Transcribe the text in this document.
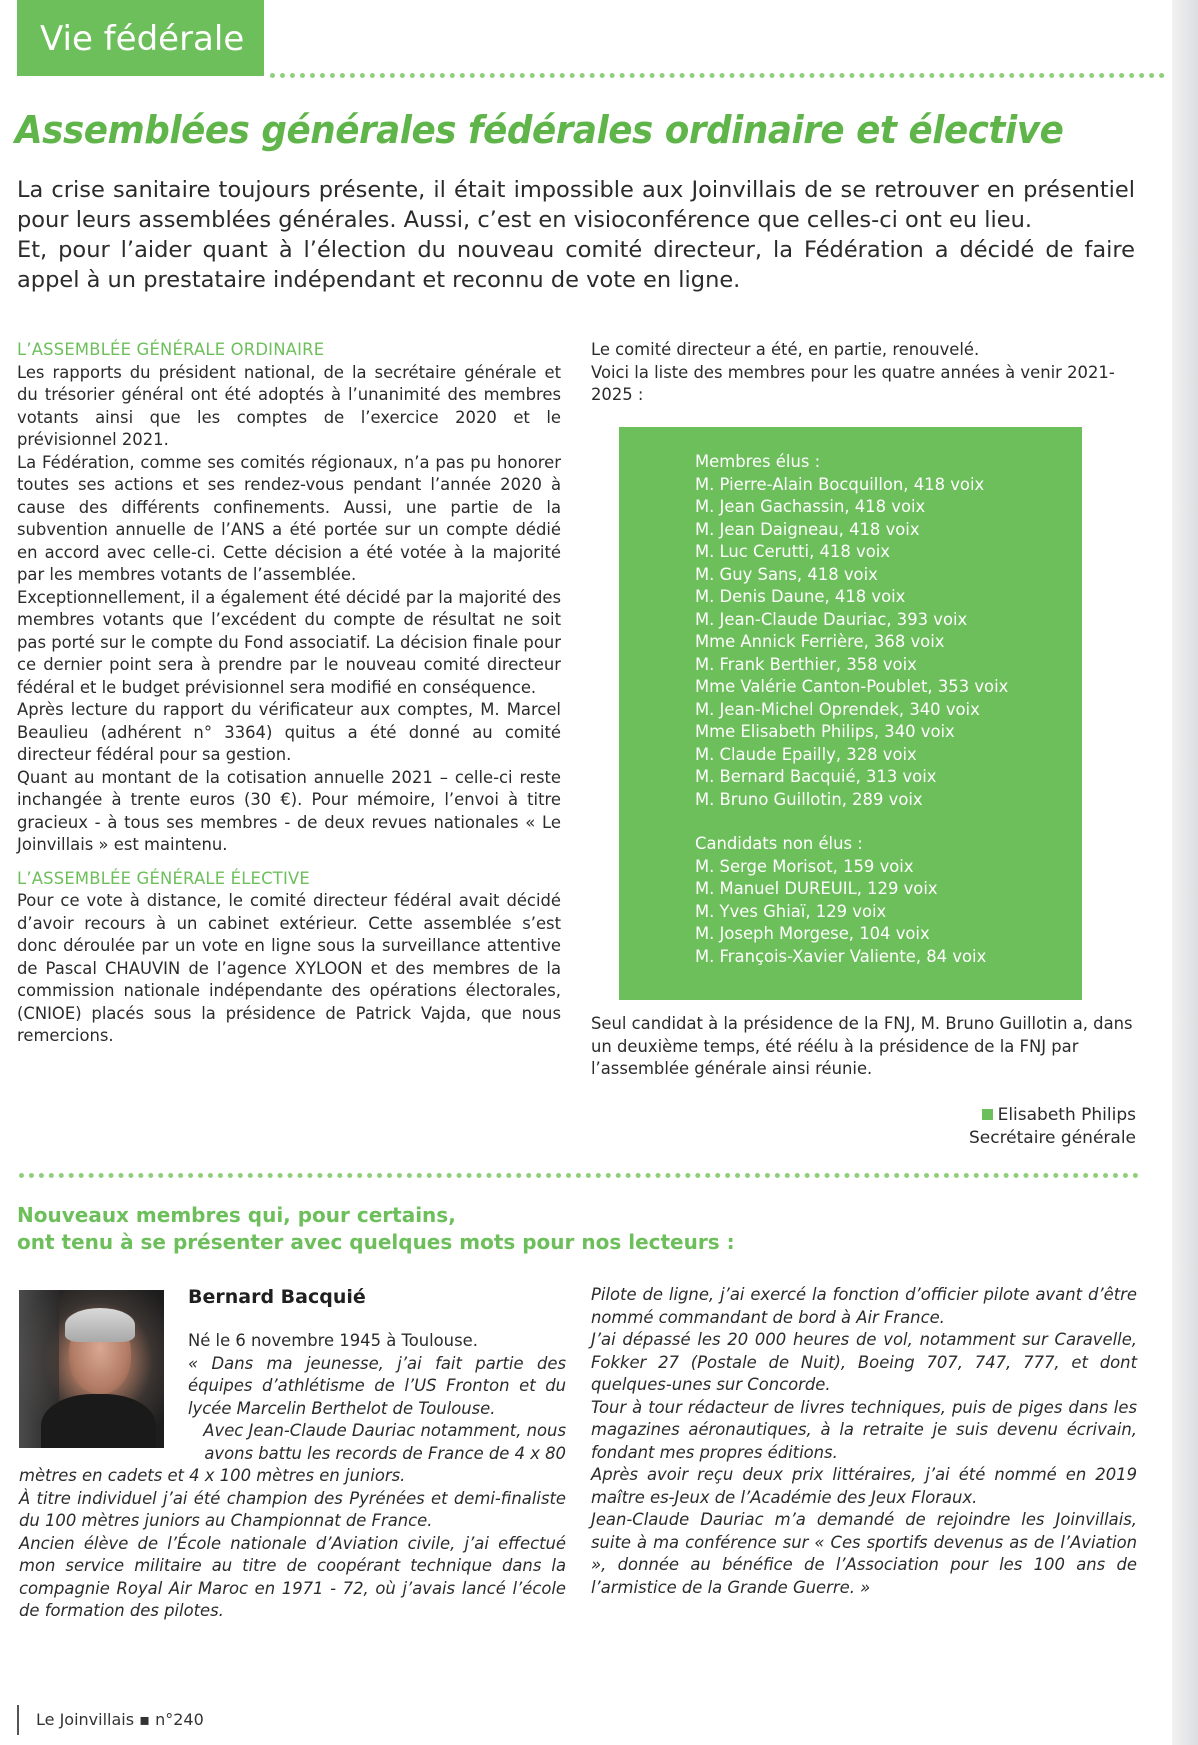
Vie fédérale
Assemblées générales fédérales ordinaire et élective

La crise sanitaire toujours présente, il était impossible aux Joinvillais de se retrouver en présentiel pour leurs assemblées générales. Aussi, c’est en visioconférence que celles-ci ont eu lieu.

Et, pour l’aider quant à l’élection du nouveau comité directeur, la Fédération a décidé de faire appel à un prestataire indépendant et reconnu de vote en ligne.

L’ASSEMBLÉE GÉNÉRALE ORDINAIRE

Les rapports du président national, de la secrétaire générale et du trésorier général ont été adoptés à l’unanimité des membres votants ainsi que les comptes de l’exercice 2020 et le prévisionnel 2021.

La Fédération, comme ses comités régionaux, n’a pas pu honorer toutes ses actions et ses rendez-vous pendant l’année 2020 à cause des différents confinements. Aussi, une partie de la subvention annuelle de l’ANS a été portée sur un compte dédié en accord avec celle-ci. Cette décision a été votée à la majorité par les membres votants de l’assemblée.

Exceptionnellement, il a également été décidé par la majorité des membres votants que l’excédent du compte de résultat ne soit pas porté sur le compte du Fond associatif. La décision finale pour ce dernier point sera à prendre par le nouveau comité directeur fédéral et le budget prévisionnel sera modifié en conséquence.

Après lecture du rapport du vérificateur aux comptes, M. Marcel Beaulieu (adhérent n° 3364) quitus a été donné au comité directeur fédéral pour sa gestion.

Quant au montant de la cotisation annuelle 2021 – celle-ci reste inchangée à trente euros (30 €). Pour mémoire, l’envoi à titre gracieux - à tous ses membres - de deux revues nationales « Le Joinvillais » est maintenu.

L’ASSEMBLÉE GÉNÉRALE ÉLECTIVE

Pour ce vote à distance, le comité directeur fédéral avait décidé d’avoir recours à un cabinet extérieur. Cette assemblée s’est donc déroulée par un vote en ligne sous la surveillance attentive de Pascal CHAUVIN de l’agence XYLOON et des membres de la commission nationale indépendante des opérations électorales, (CNIOE) placés sous la présidence de Patrick Vajda, que nous remercions.

Le comité directeur a été, en partie, renouvelé.

Voici la liste des membres pour les quatre années à venir 2021-2025 :

Membres élus :
M. Pierre-Alain Bocquillon, 418 voix
M. Jean Gachassin, 418 voix
M. Jean Daigneau, 418 voix
M. Luc Cerutti, 418 voix
M. Guy Sans, 418 voix
M. Denis Daune, 418 voix
M. Jean-Claude Dauriac, 393 voix
Mme Annick Ferrière, 368 voix
M. Frank Berthier, 358 voix
Mme Valérie Canton-Poublet, 353 voix
M. Jean-Michel Oprendek, 340 voix
Mme Elisabeth Philips, 340 voix
M. Claude Epailly, 328 voix
M. Bernard Bacquié, 313 voix
M. Bruno Guillotin, 289 voix
Candidats non élus :
M. Serge Morisot, 159 voix
M. Manuel DUREUIL, 129 voix
M. Yves Ghiaï, 129 voix
M. Joseph Morgese, 104 voix
M. François-Xavier Valiente, 84 voix

Seul candidat à la présidence de la FNJ, M. Bruno Guillotin a, dans un deuxième temps, été réélu à la présidence de la FNJ par l’assemblée générale ainsi réunie.

Elisabeth Philips
Secrétaire générale
Nouveaux membres qui, pour certains,
ont tenu à se présenter avec quelques mots pour nos lecteurs :
Bernard Bacquié

Né le 6 novembre 1945 à Toulouse.

« Dans ma jeunesse, j’ai fait partie des équipes d’athlétisme de l’US Fronton et du lycée Marcelin Berthelot de Toulouse.

Avec Jean-Claude Dauriac notamment, nous avons battu les records de France de 4 x 80

mètres en cadets et 4 x 100 mètres en juniors.

À titre individuel j’ai été champion des Pyrénées et demi-finaliste du 100 mètres juniors au Championnat de France.

Ancien élève de l’École nationale d’Aviation civile, j’ai effectué mon service militaire au titre de coopérant technique dans la compagnie Royal Air Maroc en 1971 - 72, où j’avais lancé l’école de formation des pilotes.

Pilote de ligne, j’ai exercé la fonction d’officier pilote avant d’être nommé commandant de bord à Air France.

J’ai dépassé les 20 000 heures de vol, notamment sur Caravelle, Fokker 27 (Postale de Nuit), Boeing 707, 747, 777, et dont quelques-unes sur Concorde.

Tour à tour rédacteur de livres techniques, puis de piges dans les magazines aéronautiques, à la retraite je suis devenu écrivain, fondant mes propres éditions.

Après avoir reçu deux prix littéraires, j’ai été nommé en 2019 maître es-Jeux de l’Académie des Jeux Floraux.

Jean-Claude Dauriac m’a demandé de rejoindre les Joinvillais, suite à ma conférence sur « Ces sportifs devenus as de l’Aviation », donnée au bénéfice de l’Association pour les 100 ans de l’armistice de la Grande Guerre. »

Le Joinvillais ▪ n°240
